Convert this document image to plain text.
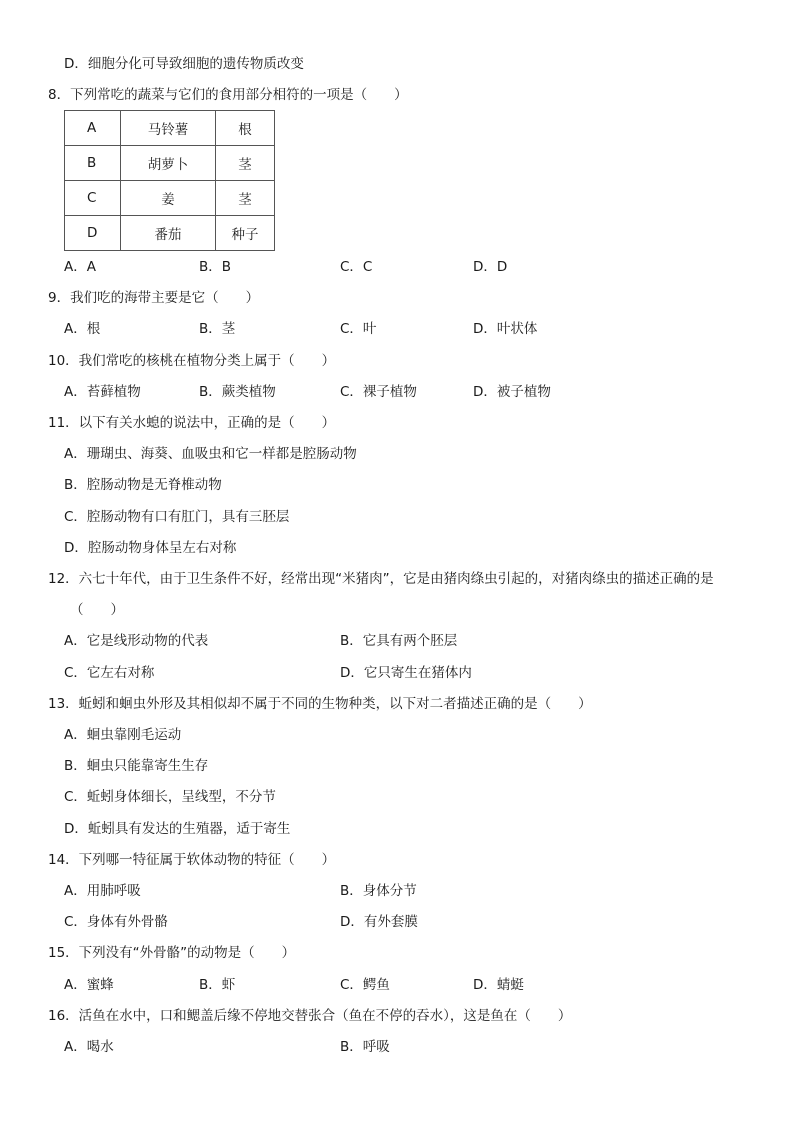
D．细胞分化可导致细胞的遗传物质改变
8．下列常吃的蔬菜与它们的食用部分相符的一项是（　　）
A	马铃薯	根
B	胡萝卜	茎
C	姜	茎
D	番茄	种子
A．A	B．B	C．C	D．D
9．我们吃的海带主要是它（　　）
A．根	B．茎	C．叶	D．叶状体
10．我们常吃的核桃在植物分类上属于（　　）
A．苔藓植物	B．蕨类植物	C．裸子植物	D．被子植物
11．以下有关水螅的说法中，正确的是（　　）
A．珊瑚虫、海葵、血吸虫和它一样都是腔肠动物
B．腔肠动物是无脊椎动物
C．腔肠动物有口有肛门，具有三胚层
D．腔肠动物身体呈左右对称
12．六七十年代，由于卫生条件不好，经常出现“米猪肉”，它是由猪肉绦虫引起的，对猪肉绦虫的描述正确的是
（　　）
A．它是线形动物的代表	B．它具有两个胚层
C．它左右对称	D．它只寄生在猪体内
13．蚯蚓和蛔虫外形及其相似却不属于不同的生物种类，以下对二者描述正确的是（　　）
A．蛔虫靠刚毛运动
B．蛔虫只能靠寄生生存
C．蚯蚓身体细长，呈线型，不分节
D．蚯蚓具有发达的生殖器，适于寄生
14．下列哪一特征属于软体动物的特征（　　）
A．用肺呼吸	B．身体分节
C．身体有外骨骼	D．有外套膜
15．下列没有“外骨骼”的动物是（　　）
A．蜜蜂	B．虾	C．鳄鱼	D．蜻蜓
16．活鱼在水中，口和鳃盖后缘不停地交替张合（鱼在不停的吞水），这是鱼在（　　）
A．喝水	B．呼吸
